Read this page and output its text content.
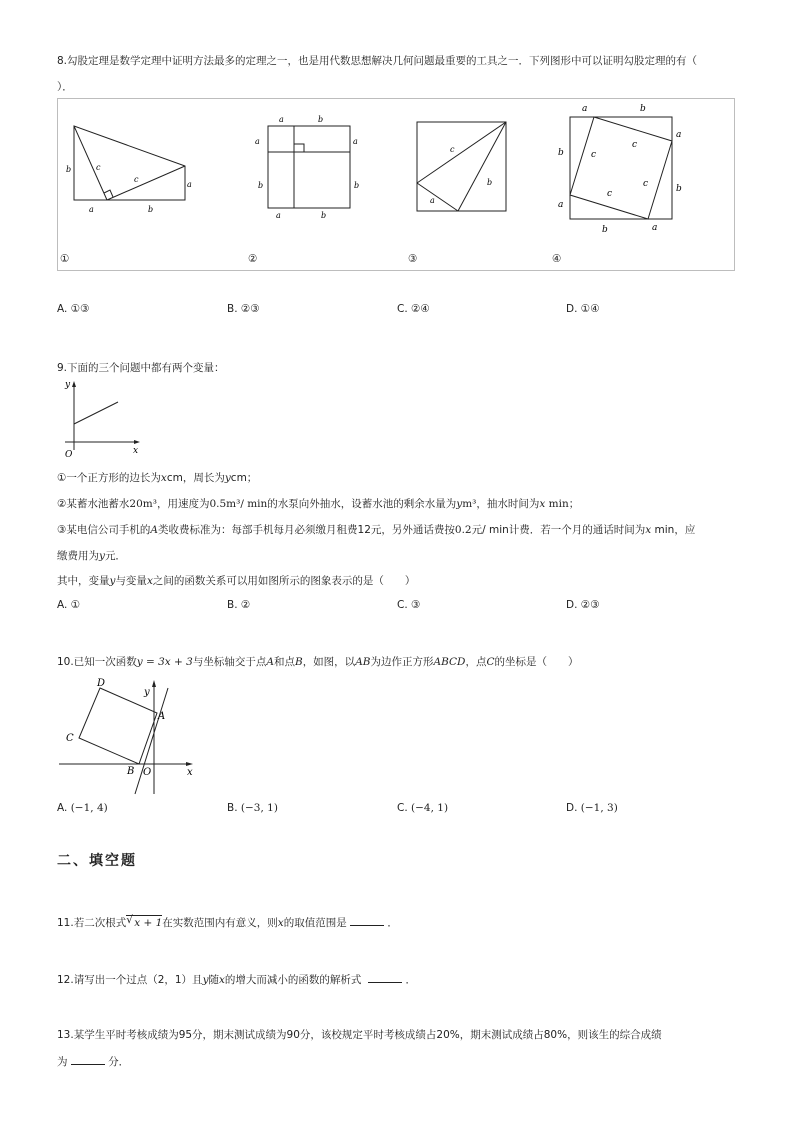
8.勾股定理是数学定理中证明方法最多的定理之一，也是用代数思想解决几何问题最重要的工具之一．下列图形中可以证明勾股定理的有（
）．
b	c
c
a
a	b
①
a	b
a
b
a
b
a	b
②
c
b
a
③
a	b
a
b
b
a
b	a
c
c
c
c
④
A. ①③	B. ②③	C. ②④	D. ①④
9.下面的三个问题中都有两个变量：
y
x
O
①一个正方形的边长为xcm，周长为ycm；
②某蓄水池蓄水20m³，用速度为0.5m³/ min的水泵向外抽水，设蓄水池的剩余水量为ym³，抽水时间为x min；
③某电信公司手机的A类收费标准为：每部手机每月必须缴月租费12元，另外通话费按0.2元/ min计费．若一个月的通话时间为x min，应
缴费用为y元．
其中，变量y与变量x之间的函数关系可以用如图所示的图象表示的是（　　）
A. ①	B. ②	C. ③	D. ②③
10.已知一次函数y = 3x + 3与坐标轴交于点A和点B，如图，以AB为边作正方形ABCD，点C的坐标是（　　）
D
C
A
B O	x
y
A. (−1, 4)	B. (−3, 1)	C. (−4, 1)	D. (−1, 3)
二、填空题
11.若二次根式 √ x + 1在实数范围内有意义，则x的取值范围是	．
12.请写出一个过点（2，1）且y随x的增大而减小的函数的解析式	．
13.某学生平时考核成绩为95分，期末测试成绩为90分，该校规定平时考核成绩占20%，期末测试成绩占80%，则该生的综合成绩
为	分．
